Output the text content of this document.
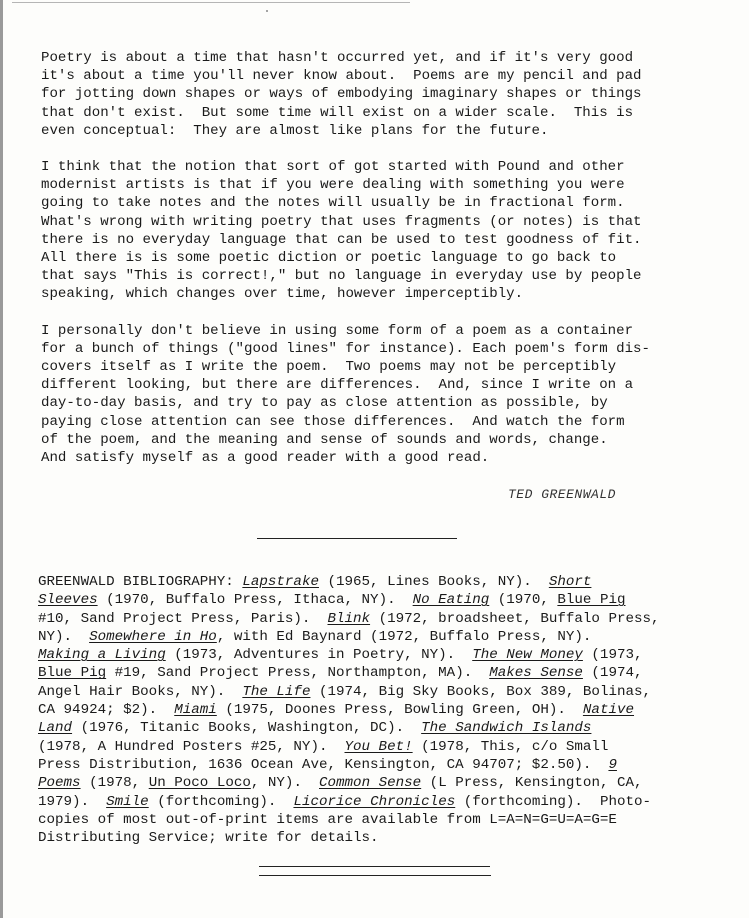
Poetry is about a time that hasn't occurred yet, and if it's very good
it's about a time you'll never know about.  Poems are my pencil and pad
for jotting down shapes or ways of embodying imaginary shapes or things
that don't exist.  But some time will exist on a wider scale.  This is
even conceptual:  They are almost like plans for the future.

I think that the notion that sort of got started with Pound and other
modernist artists is that if you were dealing with something you were
going to take notes and the notes will usually be in fractional form.
What's wrong with writing poetry that uses fragments (or notes) is that
there is no everyday language that can be used to test goodness of fit.
All there is is some poetic diction or poetic language to go back to
that says "This is correct!," but no language in everyday use by people
speaking, which changes over time, however imperceptibly.

I personally don't believe in using some form of a poem as a container
for a bunch of things ("good lines" for instance). Each poem's form dis-
covers itself as I write the poem.  Two poems may not be perceptibly
different looking, but there are differences.  And, since I write on a
day-to-day basis, and try to pay as close attention as possible, by
paying close attention can see those differences.  And watch the form
of the poem, and the meaning and sense of sounds and words, change.
And satisfy myself as a good reader with a good read.

TED GREENWALD
GREENWALD BIBLIOGRAPHY: Lapstrake (1965, Lines Books, NY).  Short
Sleeves (1970, Buffalo Press, Ithaca, NY).  No Eating (1970, Blue Pig
#10, Sand Project Press, Paris).  Blink (1972, broadsheet, Buffalo Press,
NY).  Somewhere in Ho, with Ed Baynard (1972, Buffalo Press, NY).
Making a Living (1973, Adventures in Poetry, NY).  The New Money (1973,
Blue Pig #19, Sand Project Press, Northampton, MA).  Makes Sense (1974,
Angel Hair Books, NY).  The Life (1974, Big Sky Books, Box 389, Bolinas,
CA 94924; $2).  Miami (1975, Doones Press, Bowling Green, OH).  Native
Land (1976, Titanic Books, Washington, DC).  The Sandwich Islands
(1978, A Hundred Posters #25, NY).  You Bet! (1978, This, c/o Small
Press Distribution, 1636 Ocean Ave, Kensington, CA 94707; $2.50).  9
Poems (1978, Un Poco Loco, NY).  Common Sense (L Press, Kensington, CA,
1979).  Smile (forthcoming).  Licorice Chronicles (forthcoming).  Photo-
copies of most out-of-print items are available from L=A=N=G=U=A=G=E
Distributing Service; write for details.
